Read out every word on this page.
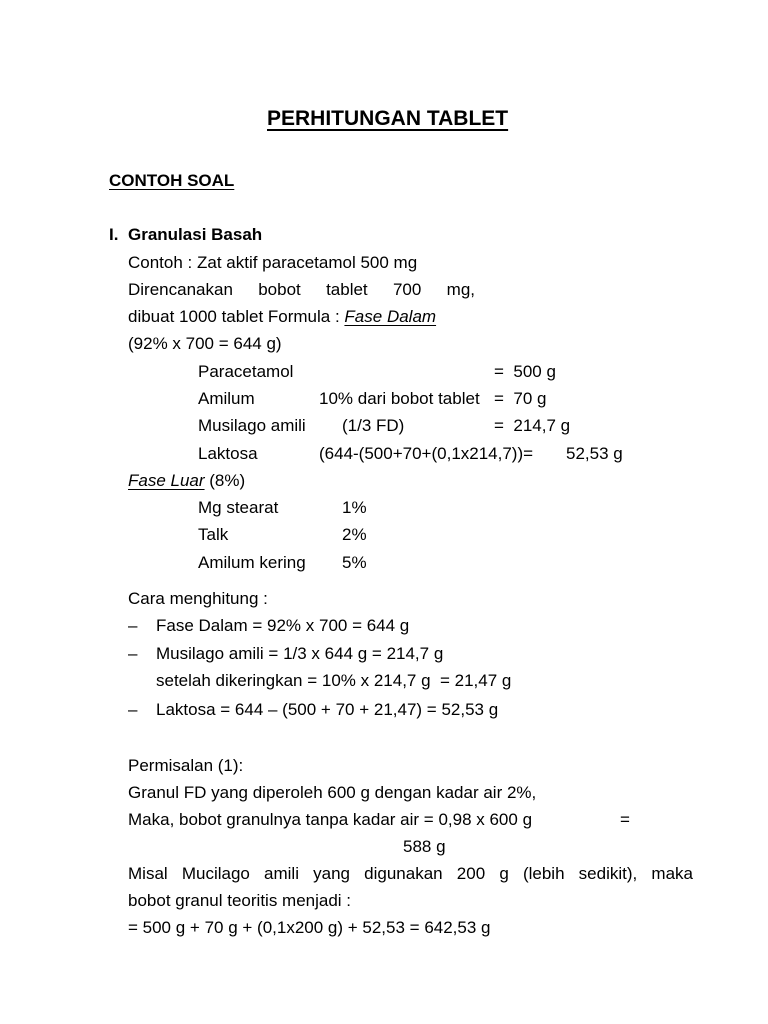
PERHITUNGAN TABLET
CONTOH SOAL
I. Granulasi Basah
Contoh : Zat aktif paracetamol 500 mg
Direncanakan bobot tablet 700 mg,
dibuat 1000 tablet Formula : Fase Dalam
(92% x 700 = 644 g)
Paracetamol	=  500 g
Amilum	10% dari bobot tablet =  70 g
Musilago amili (1/3 FD)	=  214,7 g
Laktosa	(644-(500+70+(0,1x214,7))= 52,53 g
Fase Luar (8%)
Mg stearat	1%
Talk	2%
Amilum kering 5%
Cara menghitung :
– Fase Dalam = 92% x 700 = 644 g
– Musilago amili = 1/3 x 644 g = 214,7 g
setelah dikeringkan = 10% x 214,7 g  = 21,47 g
– Laktosa = 644 – (500 + 70 + 21,47) = 52,53 g
Permisalan (1):
Granul FD yang diperoleh 600 g dengan kadar air 2%,
Maka, bobot granulnya tanpa kadar air = 0,98 x 600 g	=
588 g
Misal Mucilago amili yang digunakan 200 g (lebih sedikit), maka
bobot granul teoritis menjadi :
= 500 g + 70 g + (0,1x200 g) + 52,53 = 642,53 g
